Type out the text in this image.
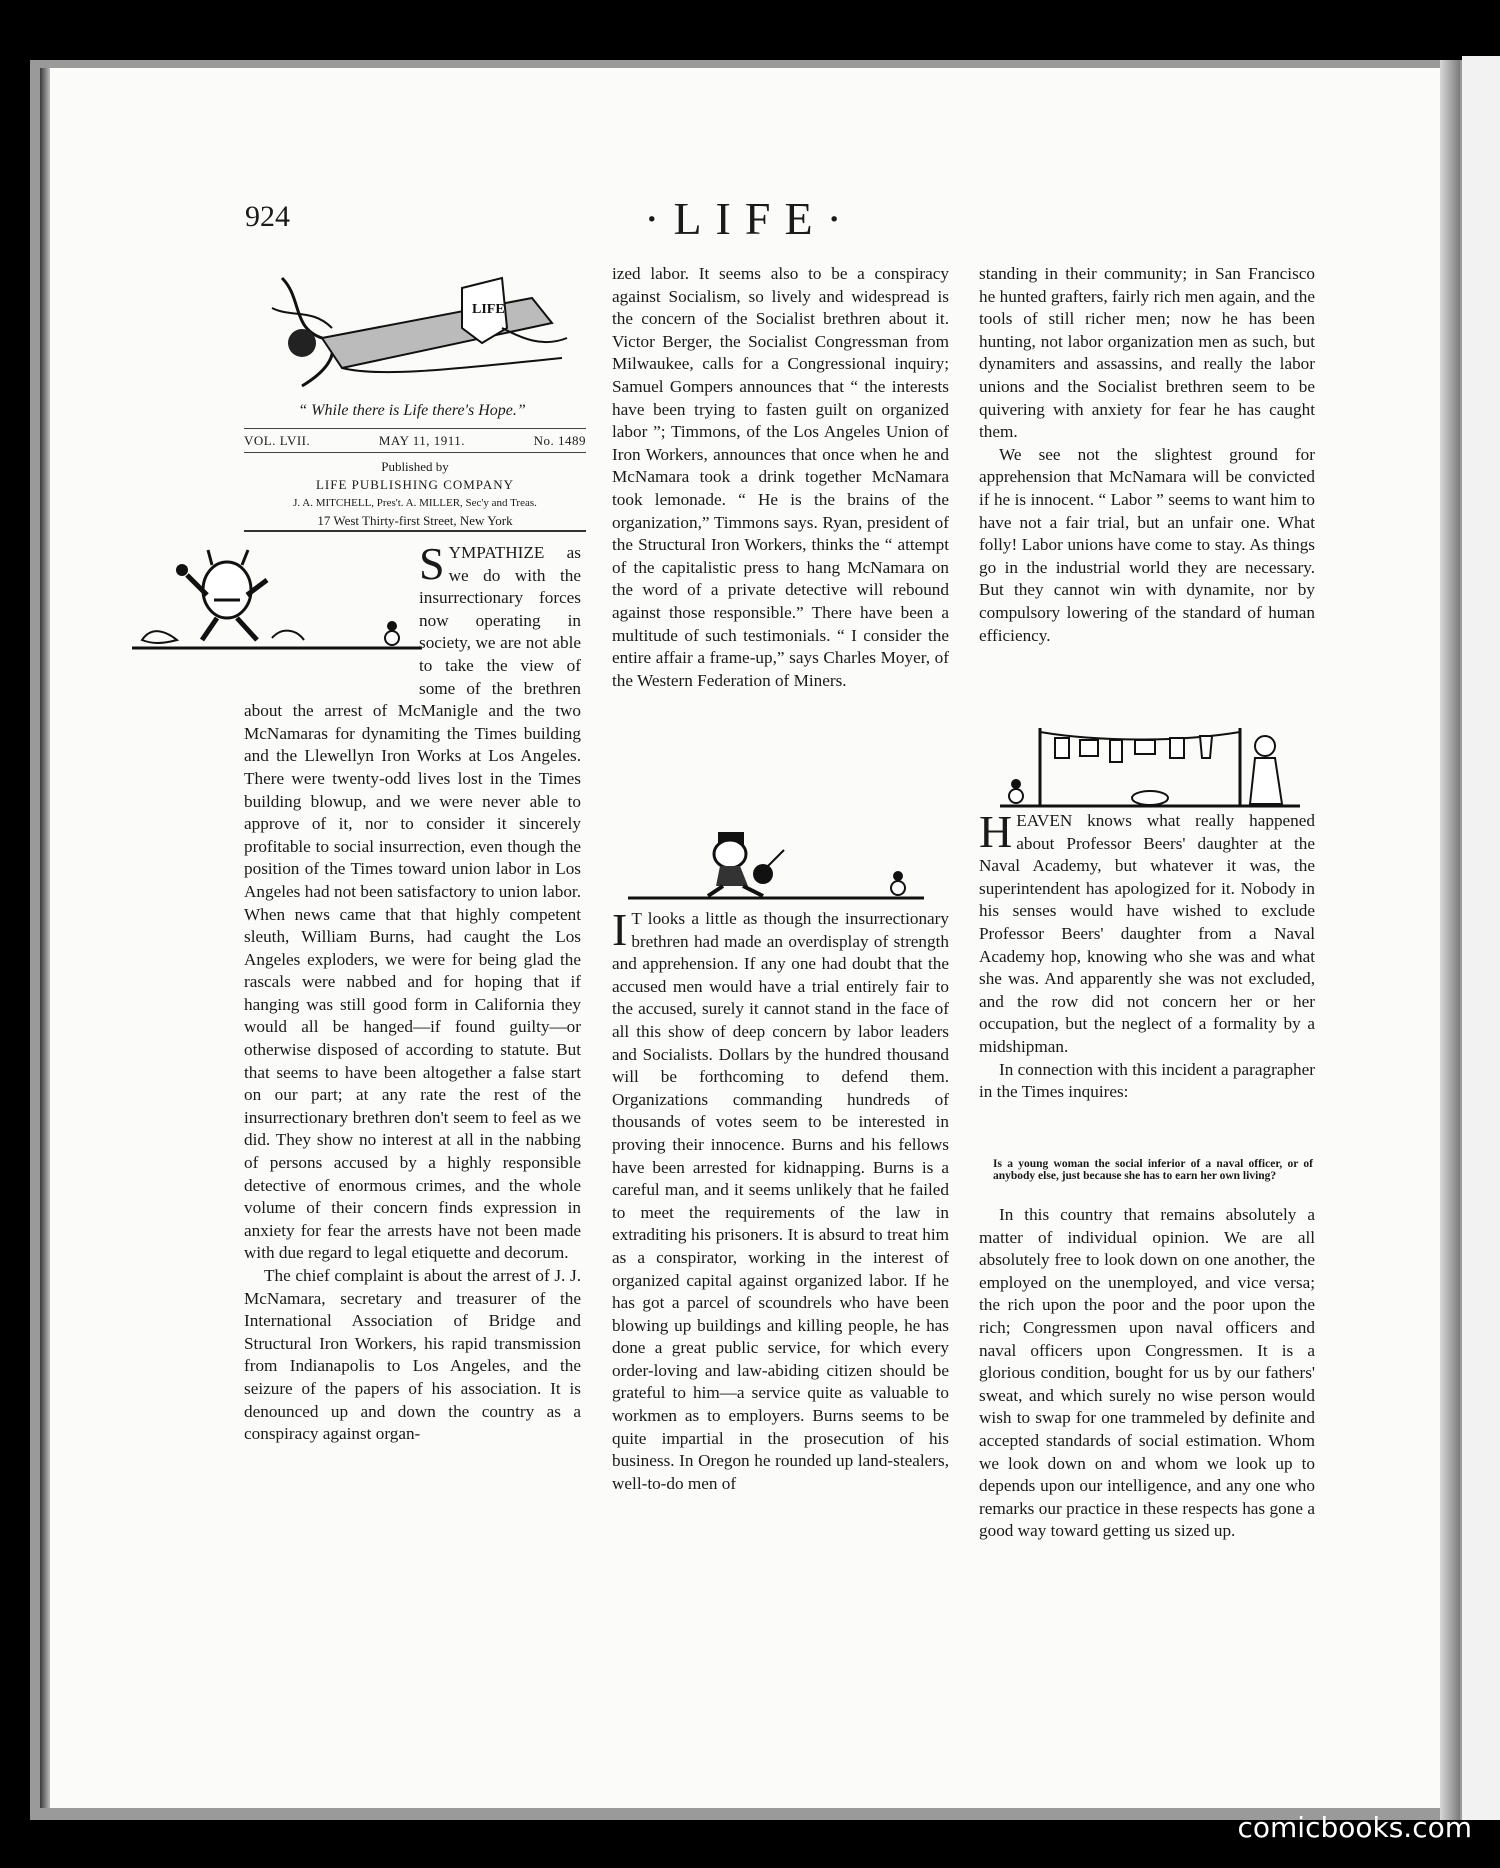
924	·LIFE·
LIFE
“ While there is Life there's Hope.”
VOL. LVII.	MAY 11, 1911.	No. 1489
Published by
LIFE PUBLISHING COMPANY
J. A. MITCHELL, Pres't. A. MILLER, Sec'y and Treas.
17 West Thirty-first Street, New York

SYMPATHIZE as we do with the insurrectionary forces now operating in society, we are not able to take the view of some of the brethren about the arrest of McManigle and the two McNamaras for dynamiting the Times building and the Llewellyn Iron Works at Los Angeles. There were twenty-odd lives lost in the Times building blowup, and we were never able to approve of it, nor to consider it sincerely profitable to social insurrection, even though the position of the Times toward union labor in Los Angeles had not been satisfactory to union labor. When news came that that highly competent sleuth, William Burns, had caught the Los Angeles exploders, we were for being glad the rascals were nabbed and for hoping that if hanging was still good form in California they would all be hanged—if found guilty—or otherwise disposed of according to statute. But that seems to have been altogether a false start on our part; at any rate the rest of the insurrectionary brethren don't seem to feel as we did. They show no interest at all in the nabbing of persons accused by a highly responsible detective of enormous crimes, and the whole volume of their concern finds expression in anxiety for fear the arrests have not been made with due regard to legal etiquette and decorum.

The chief complaint is about the arrest of J. J. McNamara, secretary and treasurer of the International Association of Bridge and Structural Iron Workers, his rapid transmission from Indianapolis to Los Angeles, and the seizure of the papers of his association. It is denounced up and down the country as a conspiracy against organ-

ized labor. It seems also to be a conspiracy against Socialism, so lively and widespread is the concern of the Socialist brethren about it. Victor Berger, the Socialist Congressman from Milwaukee, calls for a Congressional inquiry; Samuel Gompers announces that “ the interests have been trying to fasten guilt on organized labor ”; Timmons, of the Los Angeles Union of Iron Workers, announces that once when he and McNamara took a drink together McNamara took lemonade. “ He is the brains of the organization,” Timmons says. Ryan, president of the Structural Iron Workers, thinks the “ attempt of the capitalistic press to hang McNamara on the word of a private detective will rebound against those responsible.” There have been a multitude of such testimonials. “ I consider the entire affair a frame-up,” says Charles Moyer, of the Western Federation of Miners.

I T looks a little as though the insurrectionary brethren had made an overdisplay of strength and apprehension. If any one had doubt that the accused men would have a trial entirely fair to the accused, surely it cannot stand in the face of all this show of deep concern by labor leaders and Socialists. Dollars by the hundred thousand will be forthcoming to defend them. Organizations commanding hundreds of thousands of votes seem to be interested in proving their innocence. Burns and his fellows have been arrested for kidnapping. Burns is a careful man, and it seems unlikely that he failed to meet the requirements of the law in extraditing his prisoners. It is absurd to treat him as a conspirator, working in the interest of organized capital against organized labor. If he has got a parcel of scoundrels who have been blowing up buildings and killing people, he has done a great public service, for which every order-loving and law-abiding citizen should be grateful to him—a service quite as valuable to workmen as to employers. Burns seems to be quite impartial in the prosecution of his business. In Oregon he rounded up land-stealers, well-to-do men of

standing in their community; in San Francisco he hunted grafters, fairly rich men again, and the tools of still richer men; now he has been hunting, not labor organization men as such, but dynamiters and assassins, and really the labor unions and the Socialist brethren seem to be quivering with anxiety for fear he has caught them.

We see not the slightest ground for apprehension that McNamara will be convicted if he is innocent. “ Labor ” seems to want him to have not a fair trial, but an unfair one. What folly! Labor unions have come to stay. As things go in the industrial world they are necessary. But they cannot win with dynamite, nor by compulsory lowering of the standard of human efficiency.

HEAVEN knows what really happened about Professor Beers' daughter at the Naval Academy, but whatever it was, the superintendent has apologized for it. Nobody in his senses would have wished to exclude Professor Beers' daughter from a Naval Academy hop, knowing who she was and what she was. And apparently she was not excluded, and the row did not concern her or her occupation, but the neglect of a formality by a midshipman.

In connection with this incident a paragrapher in the Times inquires:

Is a young woman the social inferior of a naval officer, or of anybody else, just because she has to earn her own living?

In this country that remains absolutely a matter of individual opinion. We are all absolutely free to look down on one another, the employed on the unemployed, and vice versa; the rich upon the poor and the poor upon the rich; Congressmen upon naval officers and naval officers upon Congressmen. It is a glorious condition, bought for us by our fathers' sweat, and which surely no wise person would wish to swap for one trammeled by definite and accepted standards of social estimation. Whom we look down on and whom we look up to depends upon our intelligence, and any one who remarks our practice in these respects has gone a good way toward getting us sized up.

comicbooks.com
